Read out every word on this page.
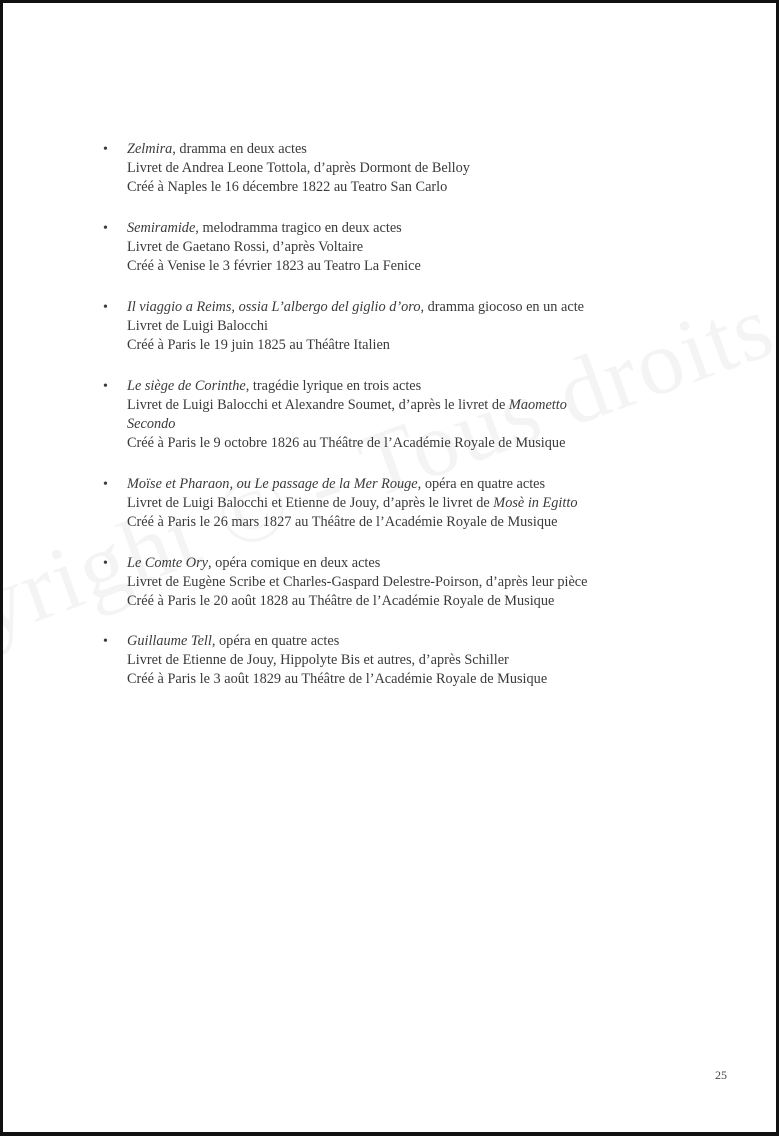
• Zelmira, dramma en deux actes
Livret de Andrea Leone Tottola, d’après Dormont de Belloy
Créé à Naples le 16 décembre 1822 au Teatro San Carlo
• Semiramide, melodramma tragico en deux actes
Livret de Gaetano Rossi, d’après Voltaire
Créé à Venise le 3 février 1823 au Teatro La Fenice
• Il viaggio a Reims, ossia L’albergo del giglio d’oro, dramma giocoso en un acte
Livret de Luigi Balocchi
Créé à Paris le 19 juin 1825 au Théâtre Italien
• Le siège de Corinthe, tragédie lyrique en trois actes
Livret de Luigi Balocchi et Alexandre Soumet, d’après le livret de Maometto Secondo
Créé à Paris le 9 octobre 1826 au Théâtre de l’Académie Royale de Musique
• Moïse et Pharaon, ou Le passage de la Mer Rouge, opéra en quatre actes
Livret de Luigi Balocchi et Etienne de Jouy, d’après le livret de Mosè in Egitto
Créé à Paris le 26 mars 1827 au Théâtre de l’Académie Royale de Musique
• Le Comte Ory, opéra comique en deux actes
Livret de Eugène Scribe et Charles-Gaspard Delestre-Poirson, d’après leur pièce
Créé à Paris le 20 août 1828 au Théâtre de l’Académie Royale de Musique
• Guillaume Tell, opéra en quatre actes
Livret de Etienne de Jouy, Hippolyte Bis et autres, d’après Schiller
Créé à Paris le 3 août 1829 au Théâtre de l’Académie Royale de Musique
25
